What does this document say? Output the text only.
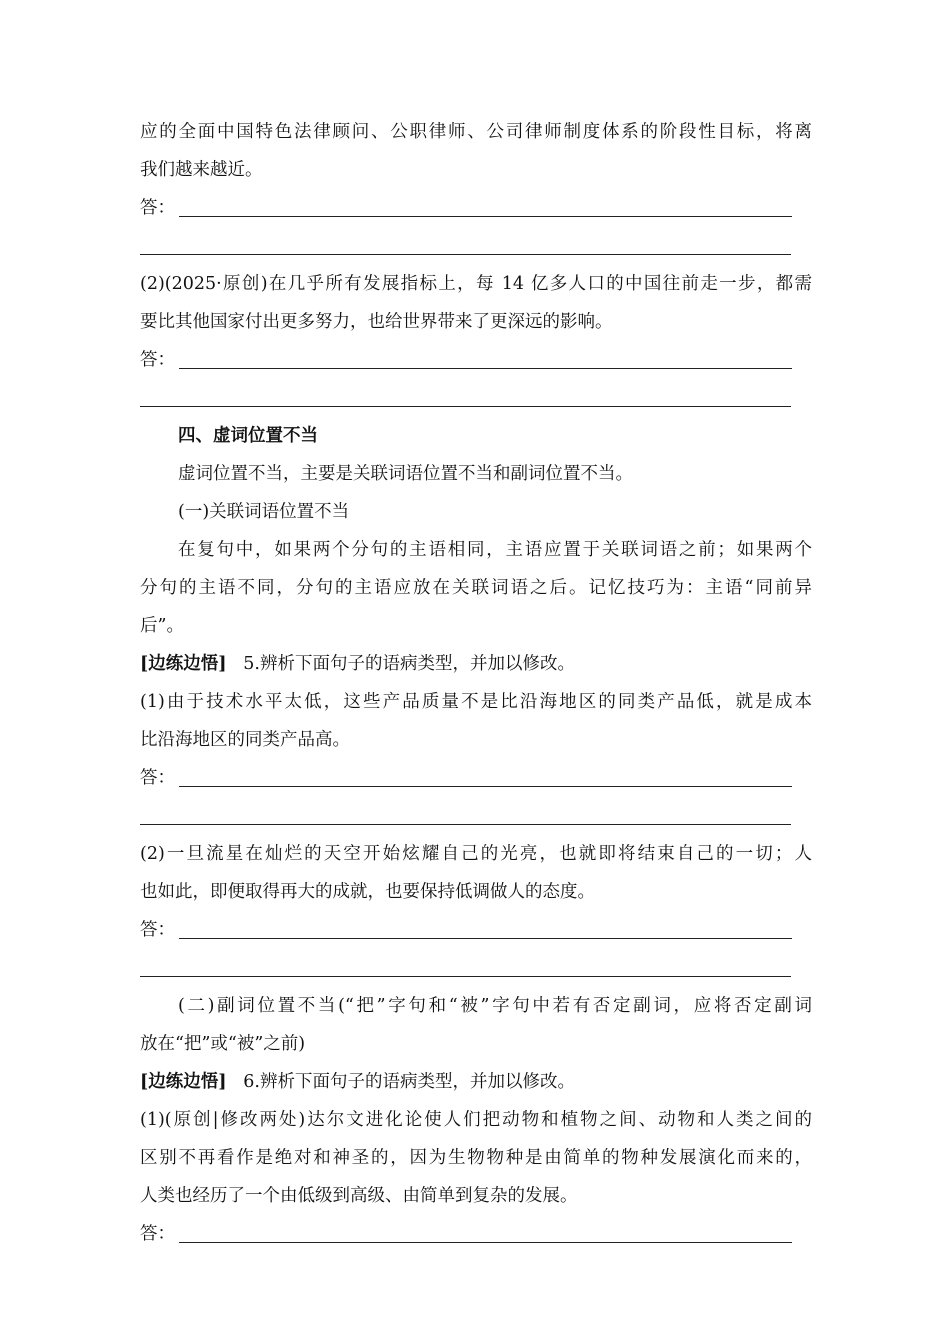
应的全面中国特色法律顾问、公职律师、公司律师制度体系的阶段性目标，将离
我们越来越近。
答：
(2)(2025·原创)在几乎所有发展指标上，每 14 亿多人口的中国往前走一步，都需
要比其他国家付出更多努力，也给世界带来了更深远的影响。
答：
四、虚词位置不当
虚词位置不当，主要是关联词语位置不当和副词位置不当。
(一)关联词语位置不当
在复句中，如果两个分句的主语相同，主语应置于关联词语之前；如果两个
分句的主语不同，分句的主语应放在关联词语之后。记忆技巧为：主语“同前异
后”。
[边练边悟] 5.辨析下面句子的语病类型，并加以修改。
(1)由于技术水平太低，这些产品质量不是比沿海地区的同类产品低，就是成本
比沿海地区的同类产品高。
答：
(2)一旦流星在灿烂的天空开始炫耀自己的光亮，也就即将结束自己的一切；人
也如此，即便取得再大的成就，也要保持低调做人的态度。
答：
(二)副词位置不当(“把”字句和“被”字句中若有否定副词，应将否定副词
放在“把”或“被”之前)
[边练边悟] 6.辨析下面句子的语病类型，并加以修改。
(1)(原创|修改两处)达尔文进化论使人们把动物和植物之间、动物和人类之间的
区别不再看作是绝对和神圣的，因为生物物种是由简单的物种发展演化而来的，
人类也经历了一个由低级到高级、由简单到复杂的发展。
答：
